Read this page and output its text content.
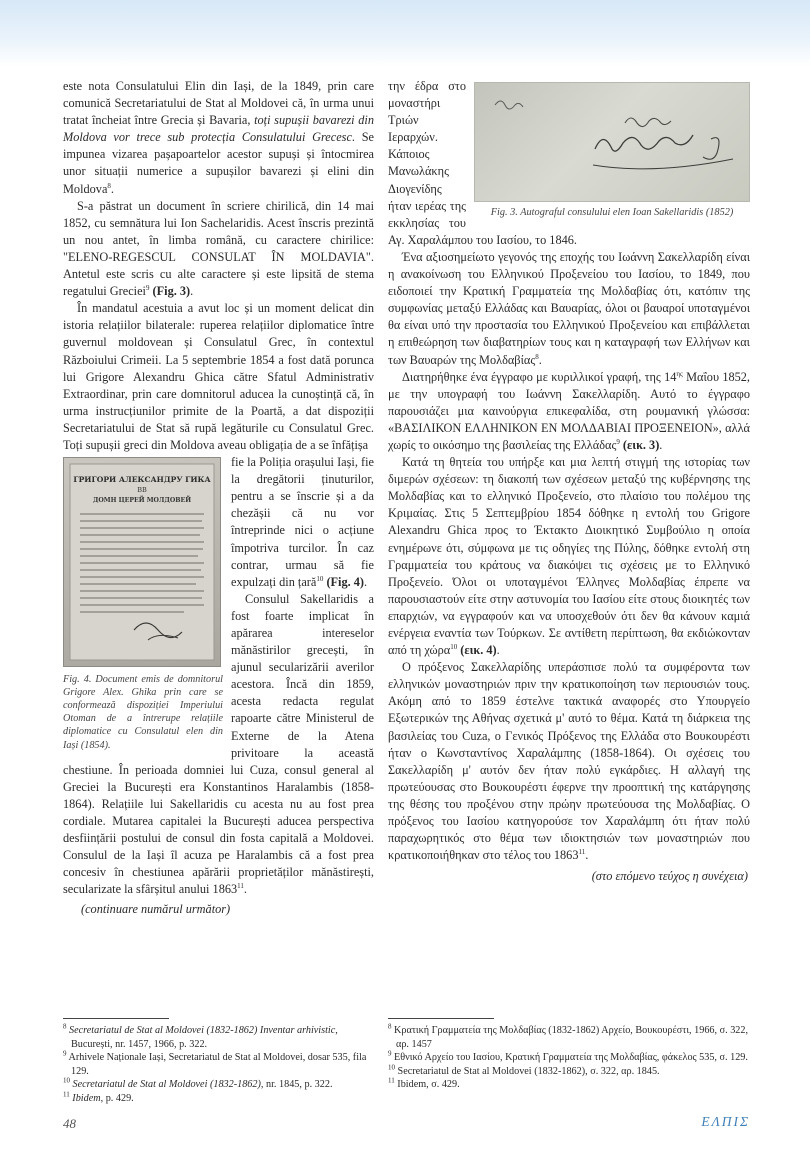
este nota Consulatului Elin din Iași, de la 1849, prin care comunică Secretariatului de Stat al Moldovei că, în urma unui tratat încheiat între Grecia și Bavaria, toți supușii bavarezi din Moldova vor trece sub protecția Consulatului Grecesc. Se impunea vizarea pașapoartelor acestor supuși și întocmirea unor situații numerice a supușilor bavarezi și elini din Moldova$^8$.

S-a păstrat un document în scriere chirilică, din 14 mai 1852, cu semnătura lui Ion Sachelaridis. Acest înscris prezintă un nou antet, în limba română, cu caractere chirilice: "ELENO-REGESCUL CONSULAT ÎN MOLDAVIA". Antetul este scris cu alte caractere și este lipsită de stema regatului Greciei$^9$ (Fig. 3).

În mandatul acestuia a avut loc și un moment delicat din istoria relațiilor bilaterale: ruperea relațiilor diplomatice între guvernul moldovean și Consulatul Grec, în contextul Războiului Crimeii. La 5 septembrie 1854 a fost dată porunca lui Grigore Alexandru Ghica către Sfatul Administrativ Extraordinar, prin care domnitorul aducea la cunoștință că, în urma instrucțiunilor primite de la Poartă, a dat dispoziții Secretariatului de Stat să rupă legăturile cu Consulatul Grec. Toți supușii greci din Moldova aveau obligația de a se înfățișa

ГРИГОРИ АЛЕКСАНДРУ ГИКА
ВВ
ДОМН ЦЕРЕЙ МОЛДОВЕЙ
Fig. 4. Document emis de domnitorul Grigore Alex. Ghika prin care se conformează dispoziției Imperiului Otoman de a întrerupe relațiile diplomatice cu Consulatul elen din Iași (1854).

fie la Poliția orașului Iași, fie la dregătorii ținuturilor, pentru a se înscrie și a da chezășii că nu vor întreprinde nici o acțiune împotriva turcilor. În caz contrar, urmau să fie expulzați din țară$^{10}$ (Fig. 4).

Consulul Sakellaridis a fost foarte implicat în apărarea intereselor mănăstirilor grecești, în ajunul secularizării averilor acestora. Încă din 1859, acesta redacta regulat rapoarte către Ministerul de Externe de la Atena privitoare la această chestiune. În perioada domniei lui Cuza, consul general al Greciei la București era Konstantinos Haralambis (1858-1864). Relațiile lui Sakellaridis cu acesta nu au fost prea cordiale. Mutarea capitalei la București aducea perspectiva desființării postului de consul din fosta capitală a Moldovei. Consulul de la Iași îl acuza pe Haralambis că a fost prea concesiv în chestiunea apărării proprietăților mănăstirești, secularizate la sfârșitul anului 1863$^{11}$.

(continuare numărul următor)

Fig. 3. Autograful consulului elen Ioan Sakellaridis (1852)

την έδρα στο μοναστήρι Τριών Ιεραρχών. Κάποιος Μανωλάκης Διογενίδης ήταν ιερέας της εκκλησίας του Αγ. Χαραλάμπου του Ιασίου, το 1846.

Ένα αξιοσημείωτο γεγονός της εποχής του Ιωάννη Σακελλαρίδη είναι η ανακοίνωση του Ελληνικού Προξενείου του Ιασίου, το 1849, που ειδοποιεί την Κρατική Γραμματεία της Μολδαβίας ότι, κατόπιν της συμφωνίας μεταξύ Ελλάδας και Βαυαρίας, όλοι οι βαυαροί υποταγμένοι θα είναι υπό την προστασία του Ελληνικού Προξενείου και επιβάλλεται η επιθεώρηση των διαβατηρίων τους και η καταγραφή των Ελλήνων και των Βαυαρών της Μολδαβίας$^8$.

Διατηρήθηκε ένα έγγραφο με κυριλλικοί γραφή, της $14^{\eta\varsigma}$ Μαΐου 1852, με την υπογραφή του Ιωάννη Σακελλαρίδη. Αυτό το έγγραφο παρουσιάζει μια καινούργια επικεφαλίδα, στη ρουμανική γλώσσα: «ΒΑΣΙΛΙΚΟΝ ΕΛΛΗΝΙΚΟΝ ΕΝ ΜΟΛΔΑΒΙΑΙ ΠΡΟΞΕΝΕΙΟΝ», αλλά χωρίς το οικόσημο της βασιλείας της Ελλάδας$^9$ (εικ. 3).

Κατά τη θητεία του υπήρξε και μια λεπτή στιγμή της ιστορίας των διμερών σχέσεων: τη διακοπή των σχέσεων μεταξύ της κυβέρνησης της Μολδαβίας και το ελληνικό Προξενείο, στο πλαίσιο του πολέμου της Κριμαίας. Στις 5 Σεπτεμβρίου 1854 δόθηκε η εντολή του Grigore Alexandru Ghica προς το Έκτακτο Διοικητικό Συμβούλιο η οποία ενημέρωνε ότι, σύμφωνα με τις οδηγίες της Πύλης, δόθηκε εντολή στη Γραμματεία του κράτους να διακόψει τις σχέσεις με το Ελληνικό Προξενείο. Όλοι οι υποταγμένοι Έλληνες Μολδαβίας έπρεπε να παρουσιαστούν είτε στην αστυνομία του Ιασίου είτε στους διοικητές των επαρχιών, να εγγραφούν και να υποσχεθούν ότι δεν θα κάνουν καμιά ενέργεια εναντία των Τούρκων. Σε αντίθετη περίπτωση, θα εκδιώκονταν από τη χώρα$^{10}$ (εικ. 4).

Ο πρόξενος Σακελλαρίδης υπεράσπισε πολύ τα συμφέροντα των ελληνικών μοναστηριών πριν την κρατικοποίηση των περιουσιών τους. Ακόμη από το 1859 έστελνε τακτικά αναφορές στο Υπουργείο Εξωτερικών της Αθήνας σχετικά μ' αυτό το θέμα. Κατά τη διάρκεια της βασιλείας του Cuza, ο Γενικός Πρόξενος της Ελλάδα στο Βουκουρέστι ήταν ο Κωνσταντίνος Χαραλάμπης (1858-1864). Οι σχέσεις του Σακελλαρίδη μ' αυτόν δεν ήταν πολύ εγκάρδιες. Η αλλαγή της πρωτεύουσας στο Βουκουρέστι έφερνε την προοπτική της κατάργησης της θέσης του προξένου στην πρώην πρωτεύουσα της Μολδαβίας. Ο πρόξενος του Ιασίου κατηγορούσε τον Χαραλάμπη ότι ήταν πολύ παραχωρητικός στο θέμα των ιδιοκτησιών των μοναστηριών που κρατικοποιήθηκαν στο τέλος του 1863$^{11}$.

(στο επόμενο τεύχος η συνέχεια)

$^8$ Secretariatul de Stat al Moldovei (1832-1862) Inventar arhivistic, București, nr. 1457, 1966, p. 322.
$^9$ Arhivele Naționale Iași, Secretariatul de Stat al Moldovei, dosar 535, fila 129.
$^{10}$ Secretariatul de Stat al Moldovei (1832-1862), nr. 1845, p. 322.
$^{11}$ Ibidem, p. 429.
$^8$ Κρατική Γραμματεία της Μολδαβίας (1832-1862) Αρχείο, Βουκουρέστι, 1966, σ. 322, αρ. 1457
$^9$ Εθνικό Αρχείο του Ιασίου, Κρατική Γραμματεία της Μολδαβίας, φάκελος 535, σ. 129.
$^{10}$ Secretariatul de Stat al Moldovei (1832-1862), σ. 322, αρ. 1845.
$^{11}$ Ibidem, σ. 429.
48	ΕΛΠΙΣ
